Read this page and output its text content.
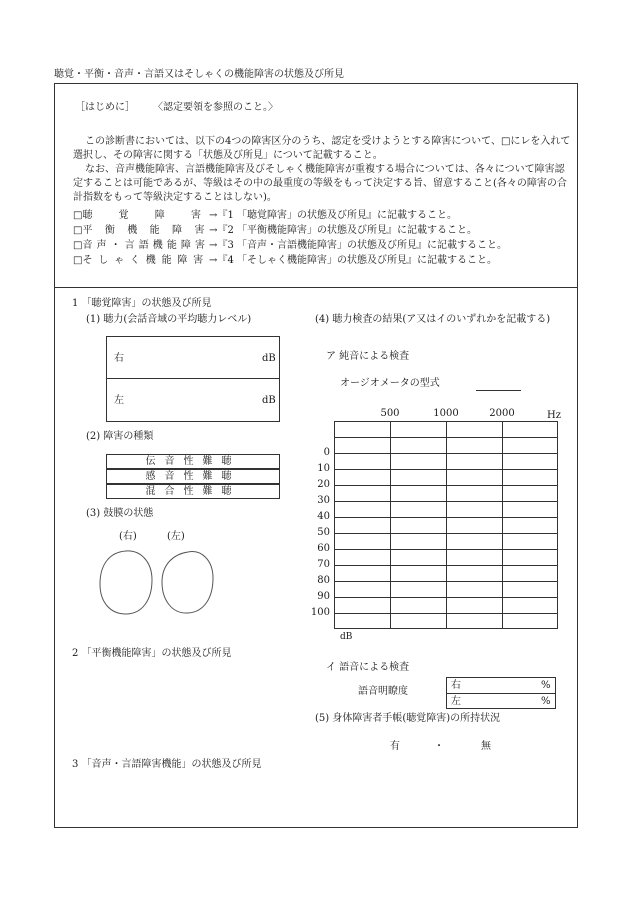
聴覚・平衡・音声・言語又はそしゃくの機能障害の状態及び所見
［はじめに］ 〈認定要領を参照のこと。〉
この診断書においては、以下の4つの障害区分のうち、認定を受けようとする障害について、□にレを入れて選択し、その障害に関する「状態及び所見」について記載すること。
なお、音声機能障害、言語機能障害及びそしゃく機能障害が重複する場合については、各々について障害認定することは可能であるが、等級はその中の最重度の等級をもって決定する旨、留意すること(各々の障害の合計指数をもって等級決定することはしない)。
□聴　覚　障　害→『1 「聴覚障害」の状態及び所見』に記載すること。
□平 衡 機 能 障 害→『2 「平衡機能障害」の状態及び所見』に記載すること。
□音声・言語機能障害→『3 「音声・言語機能障害」の状態及び所見』に記載すること。
□そしゃく機能障害→『4 「そしゃく機能障害」の状態及び所見』に記載すること。
1 「聴覚障害」の状態及び所見
(1) 聴力(会話音域の平均聴力レベル)
右	dB
左	dB
(2) 障害の種類
伝音性難聴
感音性難聴
混合性難聴
(3) 鼓膜の状態
(右)	(左)
(4) 聴力検査の結果(ア又はイのいずれかを記載する)
ア 純音による検査
オージオメータの型式
500	1000	2000
0
10
20
30
40
50
60
70
80
90
100
Hz
dB
イ 語音による検査
語音明瞭度
右	%
左	%
(5) 身体障害者手帳(聴覚障害)の所持状況
有	・	無
2 「平衡機能障害」の状態及び所見
3 「音声・言語障害機能」の状態及び所見
